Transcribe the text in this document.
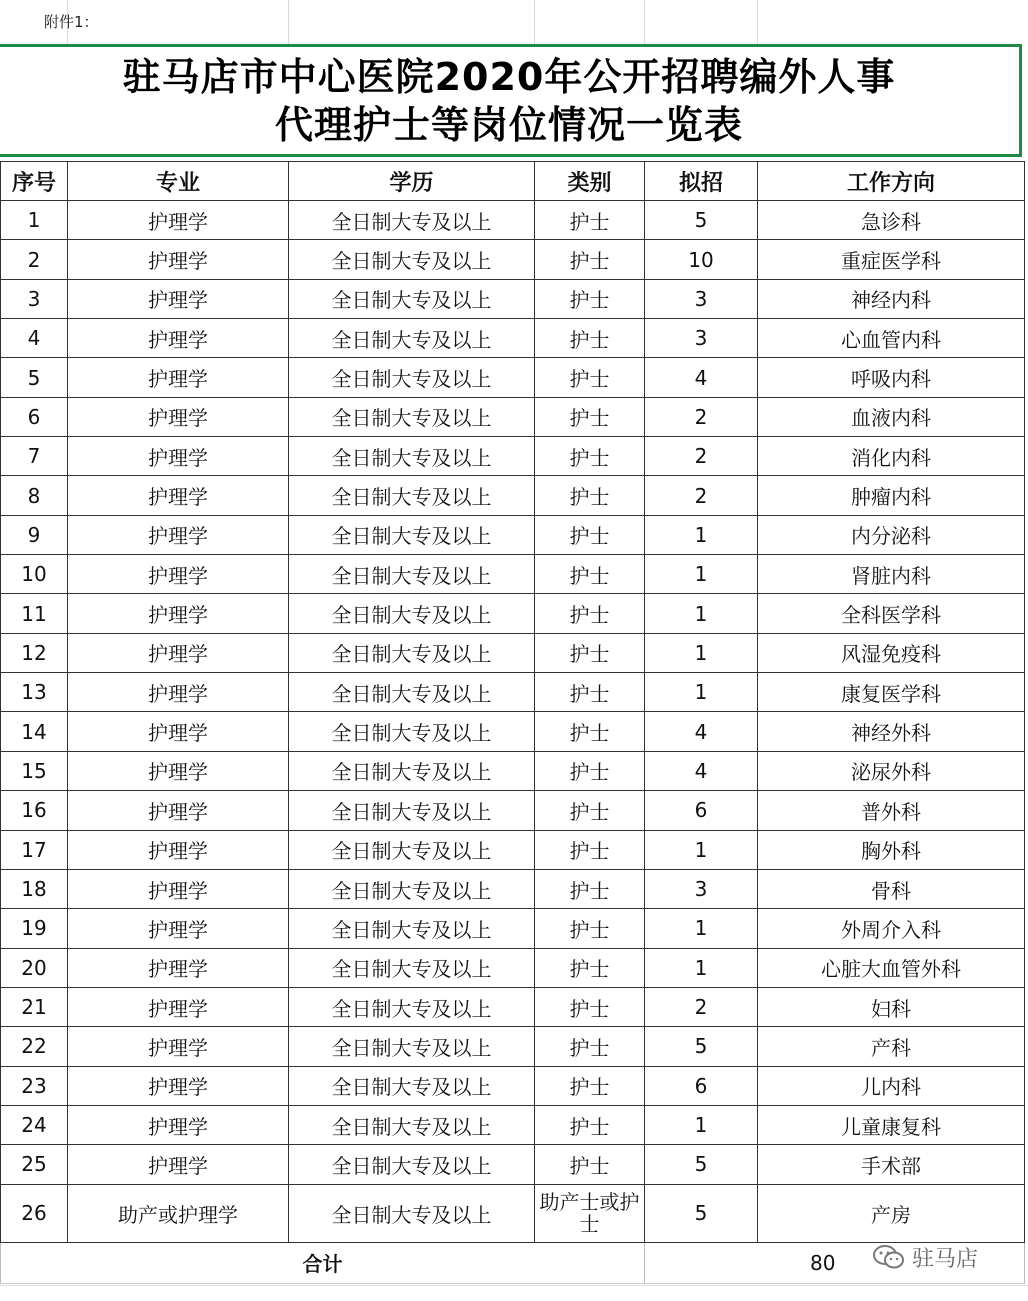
附件1：
驻马店市中心医院2020年公开招聘编外人事
代理护士等岗位情况一览表
序号	专业	学历	类别	拟招	工作方向
1	护理学	全日制大专及以上	护士	5	急诊科
2	护理学	全日制大专及以上	护士	10	重症医学科
3	护理学	全日制大专及以上	护士	3	神经内科
4	护理学	全日制大专及以上	护士	3	心血管内科
5	护理学	全日制大专及以上	护士	4	呼吸内科
6	护理学	全日制大专及以上	护士	2	血液内科
7	护理学	全日制大专及以上	护士	2	消化内科
8	护理学	全日制大专及以上	护士	2	肿瘤内科
9	护理学	全日制大专及以上	护士	1	内分泌科
10	护理学	全日制大专及以上	护士	1	肾脏内科
11	护理学	全日制大专及以上	护士	1	全科医学科
12	护理学	全日制大专及以上	护士	1	风湿免疫科
13	护理学	全日制大专及以上	护士	1	康复医学科
14	护理学	全日制大专及以上	护士	4	神经外科
15	护理学	全日制大专及以上	护士	4	泌尿外科
16	护理学	全日制大专及以上	护士	6	普外科
17	护理学	全日制大专及以上	护士	1	胸外科
18	护理学	全日制大专及以上	护士	3	骨科
19	护理学	全日制大专及以上	护士	1	外周介入科
20	护理学	全日制大专及以上	护士	1	心脏大血管外科
21	护理学	全日制大专及以上	护士	2	妇科
22	护理学	全日制大专及以上	护士	5	产科
23	护理学	全日制大专及以上	护士	6	儿内科
24	护理学	全日制大专及以上	护士	1	儿童康复科
25	护理学	全日制大专及以上	护士	5	手术部
26	助产或护理学	全日制大专及以上	助产士或护士	5	产房
合计				80		驻马店
